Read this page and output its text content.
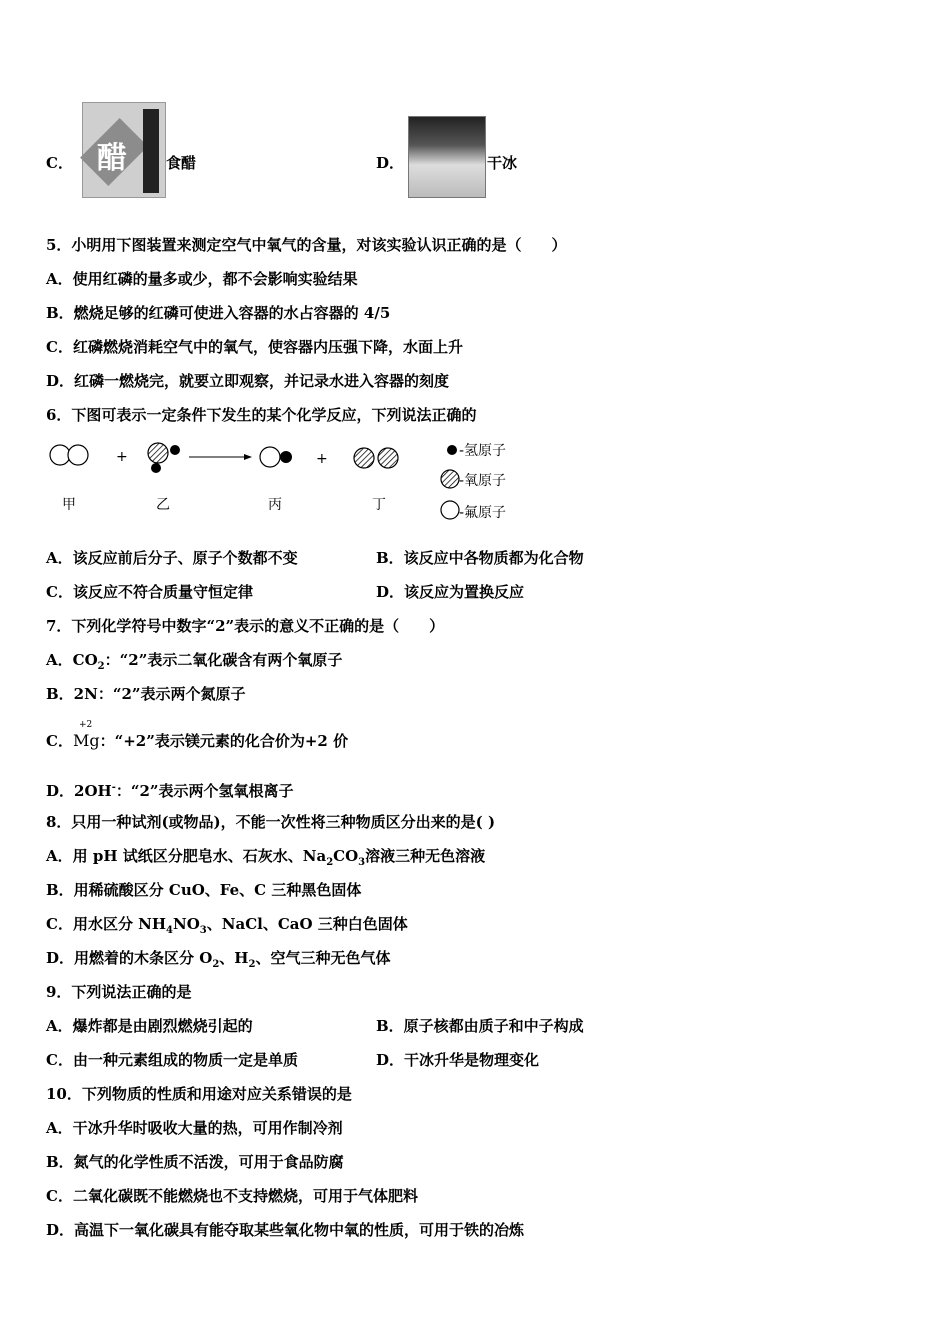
C． 醋	食醋	D．	干冰
5．小明用下图装置来测定空气中氧气的含量，对该实验认识正确的是（　　）
A．使用红磷的量多或少，都不会影响实验结果
B．燃烧足够的红磷可使进入容器的水占容器的 4/5
C．红磷燃烧消耗空气中的氧气，使容器内压强下降，水面上升
D．红磷一燃烧完，就要立即观察，并记录水进入容器的刻度
6．下图可表示一定条件下发生的某个化学反应，下列说法正确的
+	+
甲	乙	丙	丁
-氢原子
-氧原子
-氟原子
A．该反应前后分子、原子个数都不变	B．该反应中各物质都为化合物
C．该反应不符合质量守恒定律	D．该反应为置换反应
7．下列化学符号中数字“2”表示的意义不正确的是（　　）
A．$CO_2$：“2”表示二氧化碳含有两个氧原子
B．2N：“2”表示两个氮原子
C．
+2
Mg：“+2”表示镁元素的化合价为+2 价
D．2OH-：“2”表示两个氢氧根离子
8．只用一种试剂(或物品)，不能一次性将三种物质区分出来的是( )
A．用 pH 试纸区分肥皂水、石灰水、$Na_2CO_3$溶液三种无色溶液
B．用稀硫酸区分 CuO、Fe、C 三种黑色固体
C．用水区分 $NH_4NO_3$、NaCl、CaO 三种白色固体
D．用燃着的木条区分 $O_2$、$H_2$、空气三种无色气体
9．下列说法正确的是
A．爆炸都是由剧烈燃烧引起的	B．原子核都由质子和中子构成
C．由一种元素组成的物质一定是单质	D．干冰升华是物理变化
10．下列物质的性质和用途对应关系错误的是
A．干冰升华时吸收大量的热，可用作制冷剂
B．氮气的化学性质不活泼，可用于食品防腐
C．二氧化碳既不能燃烧也不支持燃烧，可用于气体肥料
D．高温下一氧化碳具有能夺取某些氧化物中氧的性质，可用于铁的冶炼
